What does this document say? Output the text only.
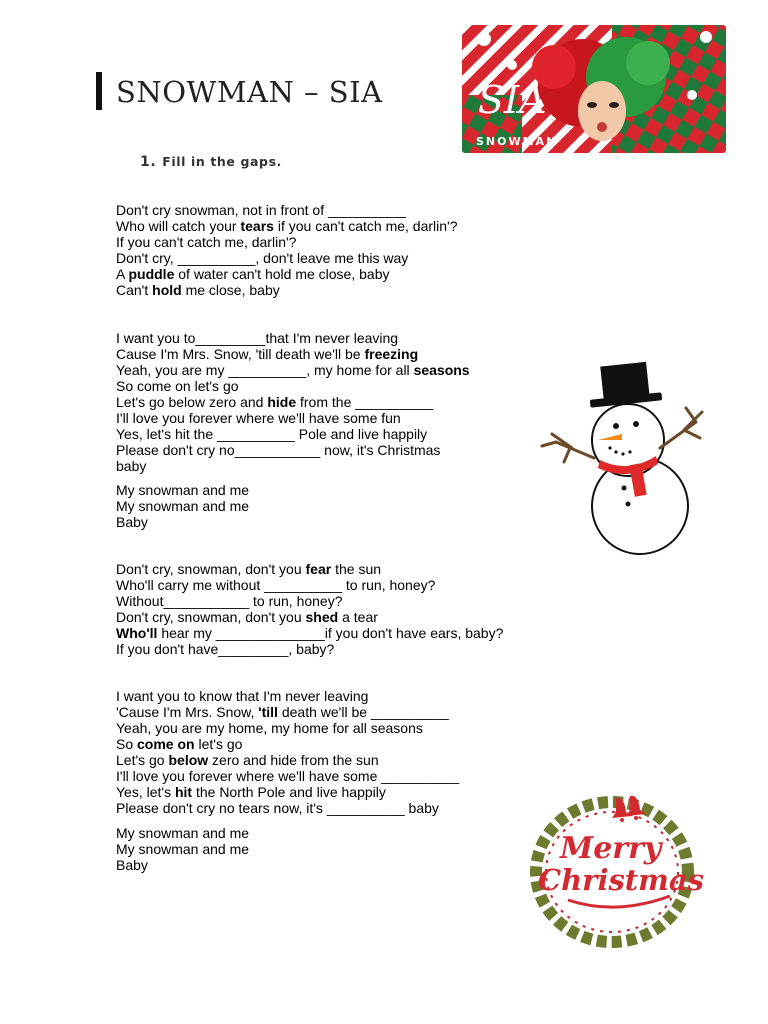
SNOWMAN – SIA
1. Fill in the gaps.
SIA
SNOWMAN
Don't cry snowman, not in front of __________
Who will catch your tears if you can't catch me, darlin'?
If you can't catch me, darlin'?
Don't cry, __________, don't leave me this way
A puddle of water can't hold me close, baby
Can't hold me close, baby
I want you to_________that I'm never leaving
Cause I'm Mrs. Snow, 'till death we'll be freezing
Yeah, you are my __________, my home for all seasons
So come on let's go
Let's go below zero and hide from the __________
I'll love you forever where we'll have some fun
Yes, let's hit the __________ Pole and live happily
Please don't cry no___________ now, it's Christmas
baby
My snowman and me
My snowman and me
Baby
Don't cry, snowman, don't you fear the sun
Who'll carry me without __________ to run, honey?
Without___________ to run, honey?
Don't cry, snowman, don't you shed a tear
Who'll hear my ______________if you don't have ears, baby?
If you don't have_________, baby?
I want you to know that I'm never leaving
'Cause I'm Mrs. Snow, 'till death we'll be __________
Yeah, you are my home, my home for all seasons
So come on let's go
Let's go below zero and hide from the sun
I'll love you forever where we'll have some __________
Yes, let's hit the North Pole and live happily
Please don't cry no tears now, it's __________ baby
My snowman and me
My snowman and me
Baby	Merry
Christmas
